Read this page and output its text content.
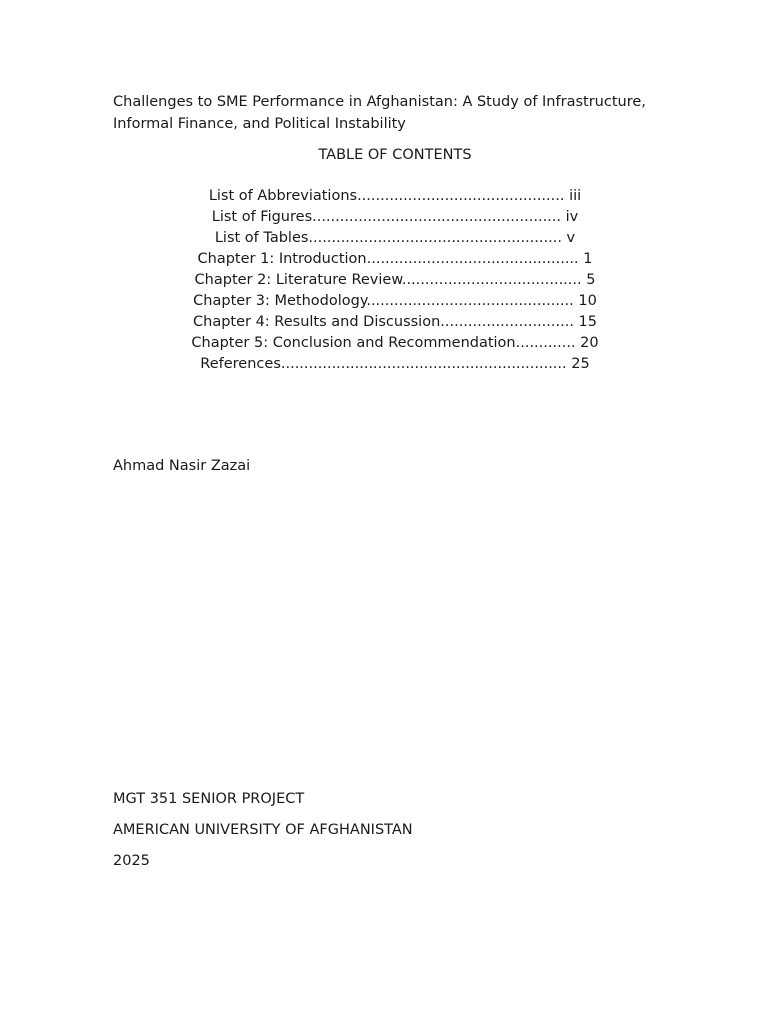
Challenges to SME Performance in Afghanistan: A Study of Infrastructure,
Informal Finance, and Political Instability
TABLE OF CONTENTS
List of Abbreviations............................................. iii
List of Figures...................................................... iv
List of Tables....................................................... v
Chapter 1: Introduction.............................................. 1
Chapter 2: Literature Review....................................... 5
Chapter 3: Methodology............................................. 10
Chapter 4: Results and Discussion............................. 15
Chapter 5: Conclusion and Recommendation............. 20
References.............................................................. 25

Ahmad Nasir Zazai

MGT 351 SENIOR PROJECT

AMERICAN UNIVERSITY OF AFGHANISTAN

2025
